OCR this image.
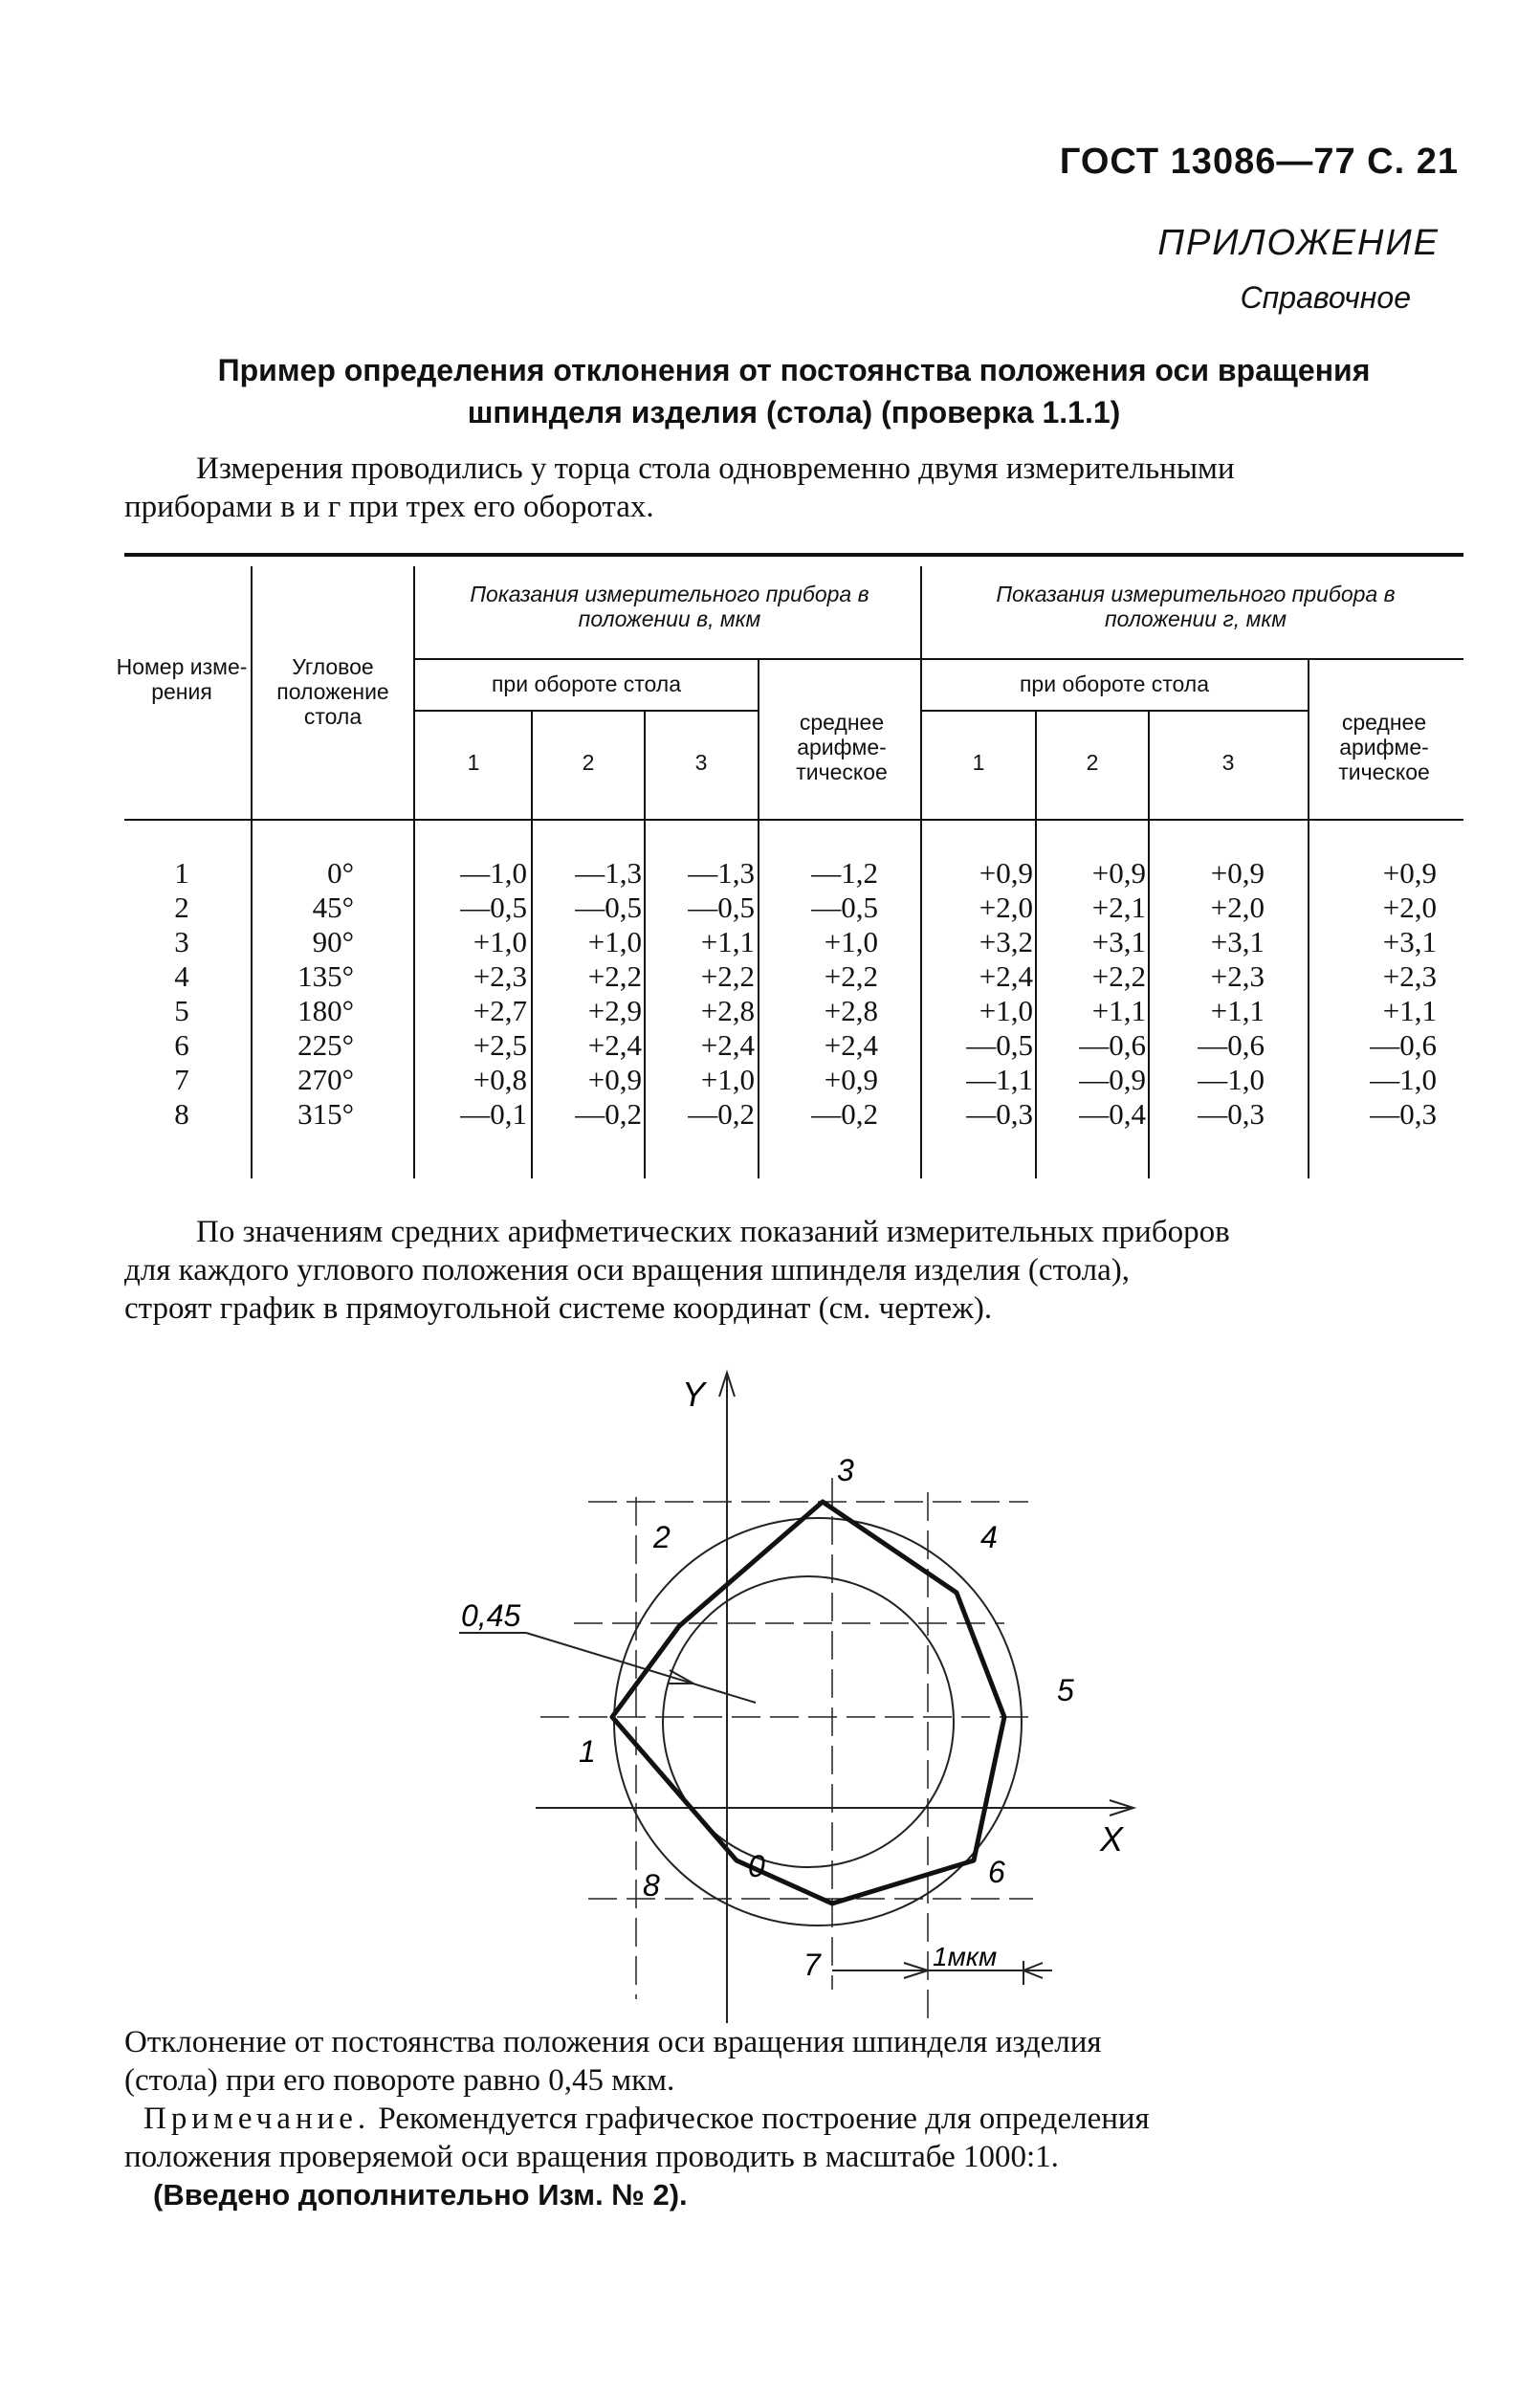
ГОСТ 13086—77 С. 21
ПРИЛОЖЕНИЕ
Справочное
Пример определения отклонения от постоянства положения оси вращения
шпинделя изделия (стола) (проверка 1.1.1)
Измерения проводились у торца стола одновременно двумя измерительными
приборами в и г при трех его оборотах.
Номер изме- рения
Угловое положение стола
Показания измерительного прибора в положении в, мкм
Показания измерительного прибора в положении г, мкм
при обороте стола	при обороте стола
среднее арифме- тическое
среднее арифме- тическое
1	2	3	1	2	3
1	0°	—1,0	—1,3	—1,3	—1,2	+0,9	+0,9	+0,9	+0,9
2	45°	—0,5	—0,5	—0,5	—0,5	+2,0	+2,1	+2,0	+2,0
3	90°	+1,0	+1,0	+1,1	+1,0	+3,2	+3,1	+3,1	+3,1
4	135°	+2,3	+2,2	+2,2	+2,2	+2,4	+2,2	+2,3	+2,3
5	180°	+2,7	+2,9	+2,8	+2,8	+1,0	+1,1	+1,1	+1,1
6	225°	+2,5	+2,4	+2,4	+2,4	—0,5	—0,6	—0,6	—0,6
7	270°	+0,8	+0,9	+1,0	+0,9	—1,1	—0,9	—1,0	—1,0
8	315°	—0,1	—0,2	—0,2	—0,2	—0,3	—0,4	—0,3	—0,3
По значениям средних арифметических показаний измерительных приборов
для каждого углового положения оси вращения шпинделя изделия (стола),
строят график в прямоугольной системе координат (см. чертеж).
Y
X
0,45
1мкм
0
1
2
3
4
5
6
7
8
Отклонение от постоянства положения оси вращения шпинделя изделия
(стола) при его повороте равно 0,45 мкм.
Примечание. Рекомендуется графическое построение для определения
положения проверяемой оси вращения проводить в масштабе 1000:1.
(Введено дополнительно Изм. № 2).
